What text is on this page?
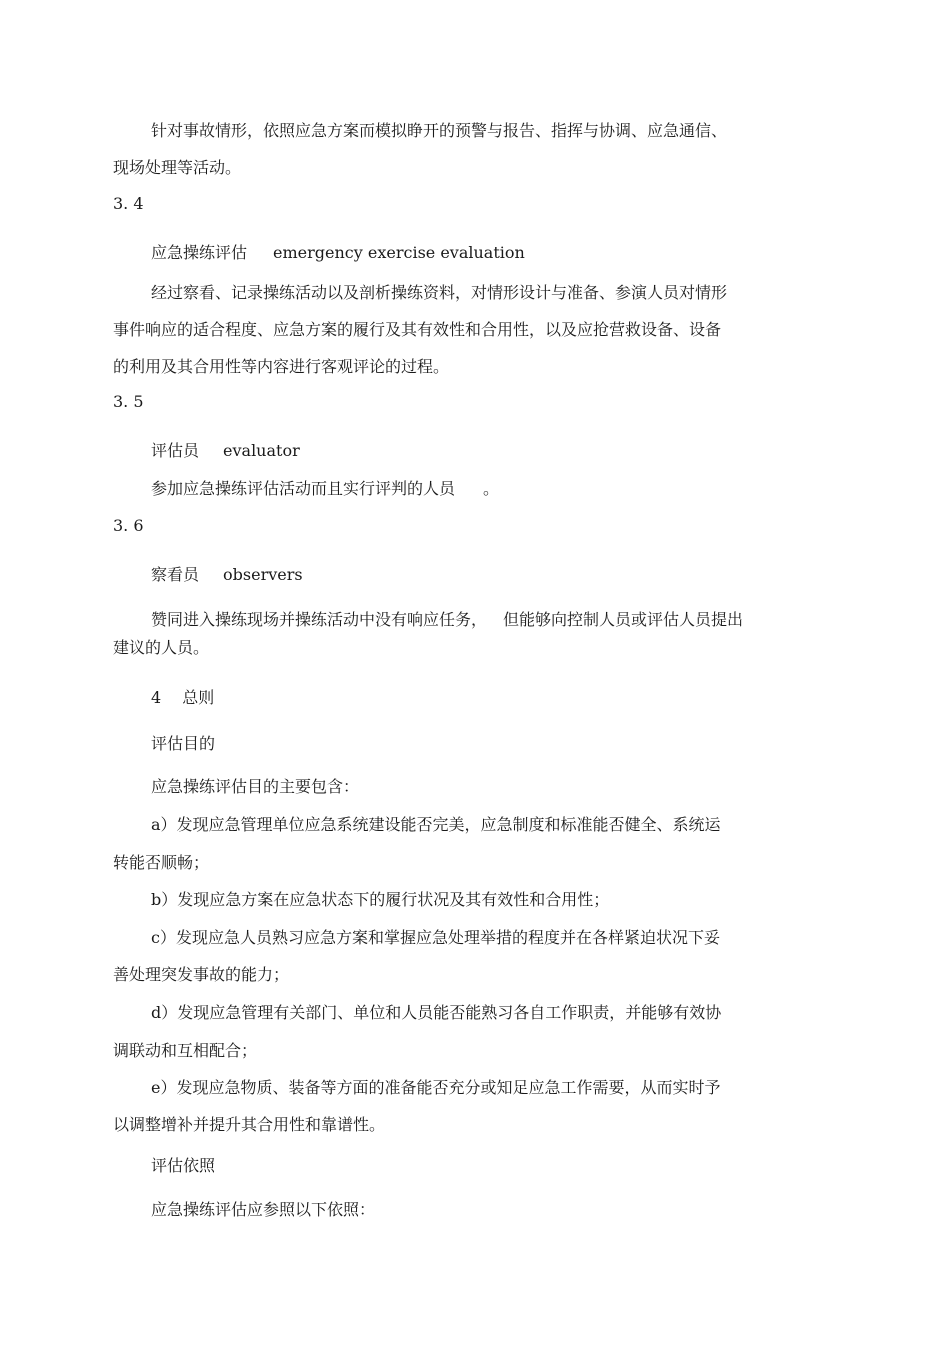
针对事故情形，依照应急方案而模拟睁开的预警与报告、指挥与协调、应急通信、
现场处理等活动。
3. 4
应急操练评估 emergency exercise evaluation
经过察看、记录操练活动以及剖析操练资料，对情形设计与准备、参演人员对情形
事件响应的适合程度、应急方案的履行及其有效性和合用性，以及应抢营救设备、设备
的利用及其合用性等内容进行客观评论的过程。
3. 5
评估员 evaluator
参加应急操练评估活动而且实行评判的人员 。
3. 6
察看员 observers
赞同进入操练现场并操练活动中没有响应任务， 但能够向控制人员或评估人员提出
建议的人员。
4 总则
评估目的
应急操练评估目的主要包含：
a）发现应急管理单位应急系统建设能否完美，应急制度和标准能否健全、系统运
转能否顺畅；
b）发现应急方案在应急状态下的履行状况及其有效性和合用性；
c）发现应急人员熟习应急方案和掌握应急处理举措的程度并在各样紧迫状况下妥
善处理突发事故的能力；
d）发现应急管理有关部门、单位和人员能否能熟习各自工作职责，并能够有效协
调联动和互相配合；
e）发现应急物质、装备等方面的准备能否充分或知足应急工作需要，从而实时予
以调整增补并提升其合用性和靠谱性。
评估依照
应急操练评估应参照以下依照：
